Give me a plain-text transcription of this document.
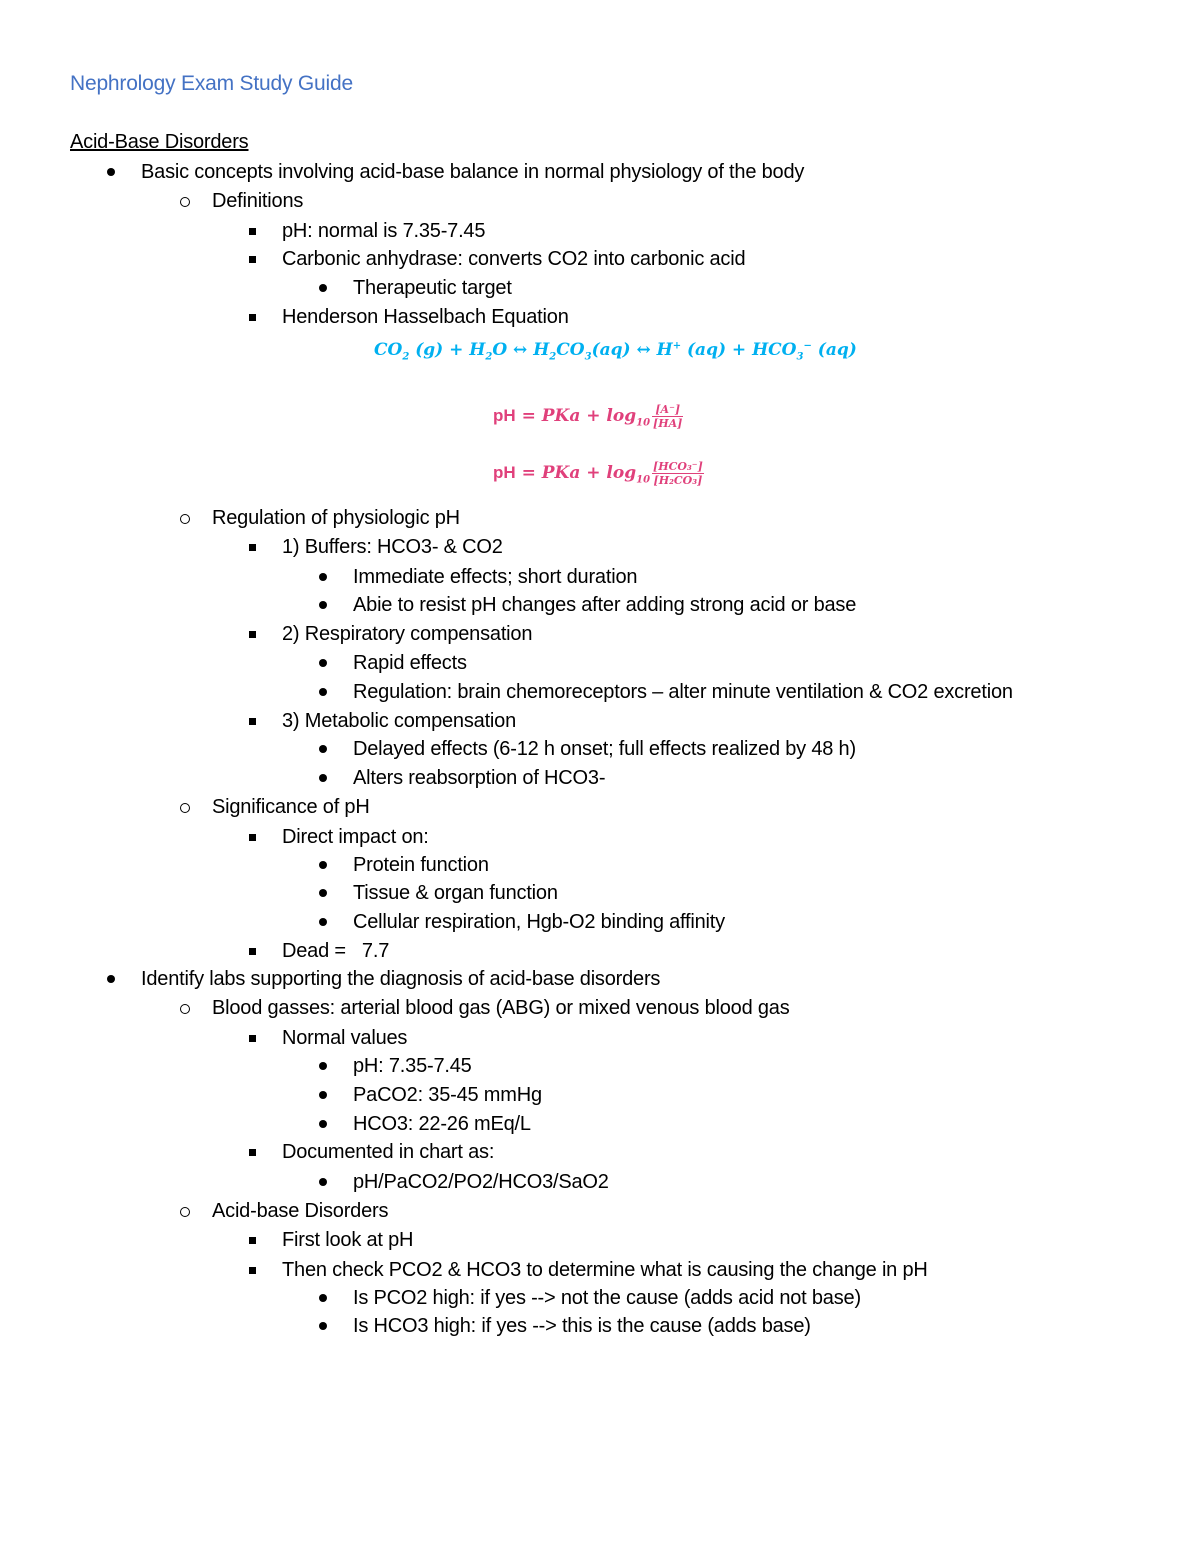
Nephrology Exam Study Guide
Acid-Base Disorders
Basic concepts involving acid-base balance in normal physiology of the body
Definitions
pH: normal is 7.35-7.45
Carbonic anhydrase: converts CO2 into carbonic acid
Therapeutic target
Henderson Hasselbach Equation
$CO_2$ $(g) + H_2O$ ↔ $H_2CO_3(aq)$ ↔ H+ $(aq) + HCO_3^-$ (aq)
pH = PKa + $\log_{10} \frac{[A^-]}{[HA]}$
pH = PKa + $\log_{10} \frac{\text{[HCO₃⁻]}}{\text{[H₂CO₃]}}$
Regulation of physiologic pH
1) Buffers: HCO3- & CO2
Immediate effects; short duration
Abie to resist pH changes after adding strong acid or base
2) Respiratory compensation
Rapid effects
Regulation: brain chemoreceptors – alter minute ventilation & CO2 excretion
3) Metabolic compensation
Delayed effects (6-12 h onset; full effects realized by 48 h)
Alters reabsorption of HCO3-
Significance of pH
Direct impact on:
Protein function
Tissue & organ function
Cellular respiration, Hgb-O2 binding affinity
Dead =   7.7
Identify labs supporting the diagnosis of acid-base disorders
Blood gasses: arterial blood gas (ABG) or mixed venous blood gas
Normal values
pH: 7.35-7.45
PaCO2: 35-45 mmHg
HCO3: 22-26 mEq/L
Documented in chart as:
pH/PaCO2/PO2/HCO3/SaO2
Acid-base Disorders
First look at pH
Then check PCO2 & HCO3 to determine what is causing the change in pH
Is PCO2 high: if yes --> not the cause (adds acid not base)
Is HCO3 high: if yes --> this is the cause (adds base)
